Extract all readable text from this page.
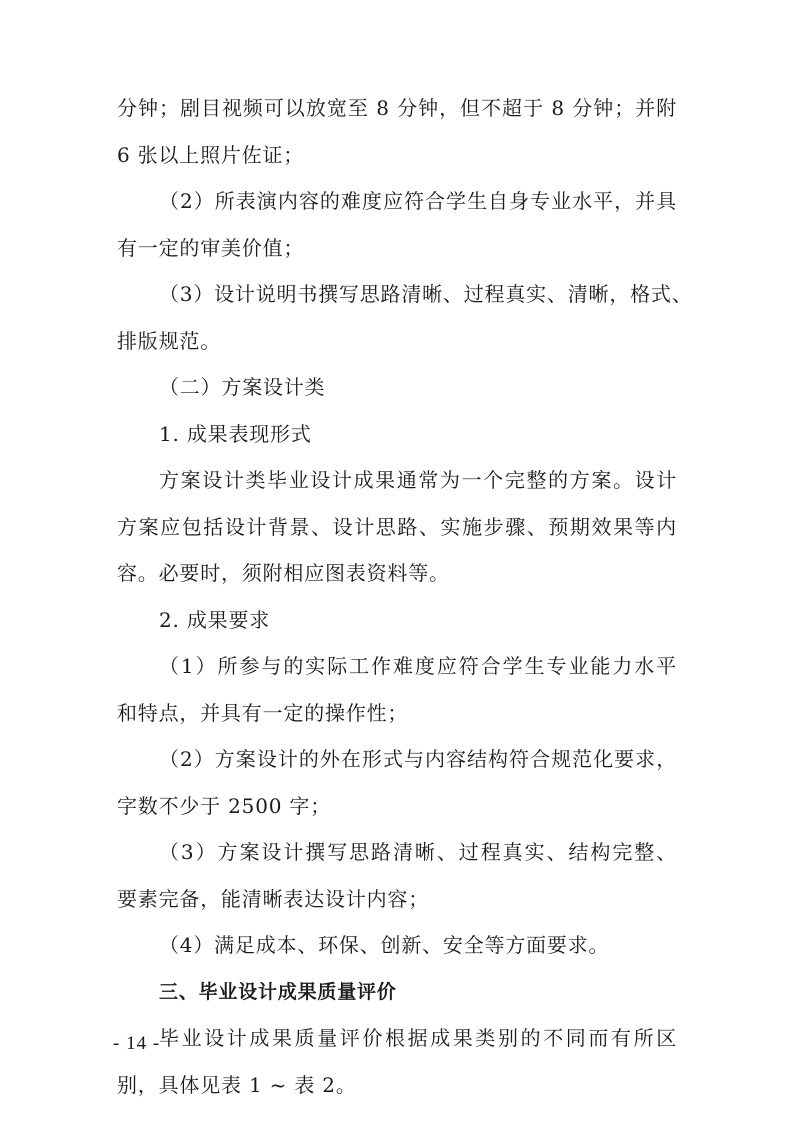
分钟；剧目视频可以放宽至 8 分钟，但不超于 8 分钟；并附
6 张以上照片佐证；
（2）所表演内容的难度应符合学生自身专业水平，并具
有一定的审美价值；
（3）设计说明书撰写思路清晰、过程真实、清晰，格式、
排版规范。
（二）方案设计类
1. 成果表现形式
方案设计类毕业设计成果通常为一个完整的方案。设计
方案应包括设计背景、设计思路、实施步骤、预期效果等内
容。必要时，须附相应图表资料等。
2. 成果要求
（1）所参与的实际工作难度应符合学生专业能力水平
和特点，并具有一定的操作性；
（2）方案设计的外在形式与内容结构符合规范化要求，
字数不少于 2500 字；
（3）方案设计撰写思路清晰、过程真实、结构完整、
要素完备，能清晰表达设计内容；
（4）满足成本、环保、创新、安全等方面要求。
三、毕业设计成果质量评价
毕业设计成果质量评价根据成果类别的不同而有所区
别，具体见表 1 ~ 表 2。
- 14 -
